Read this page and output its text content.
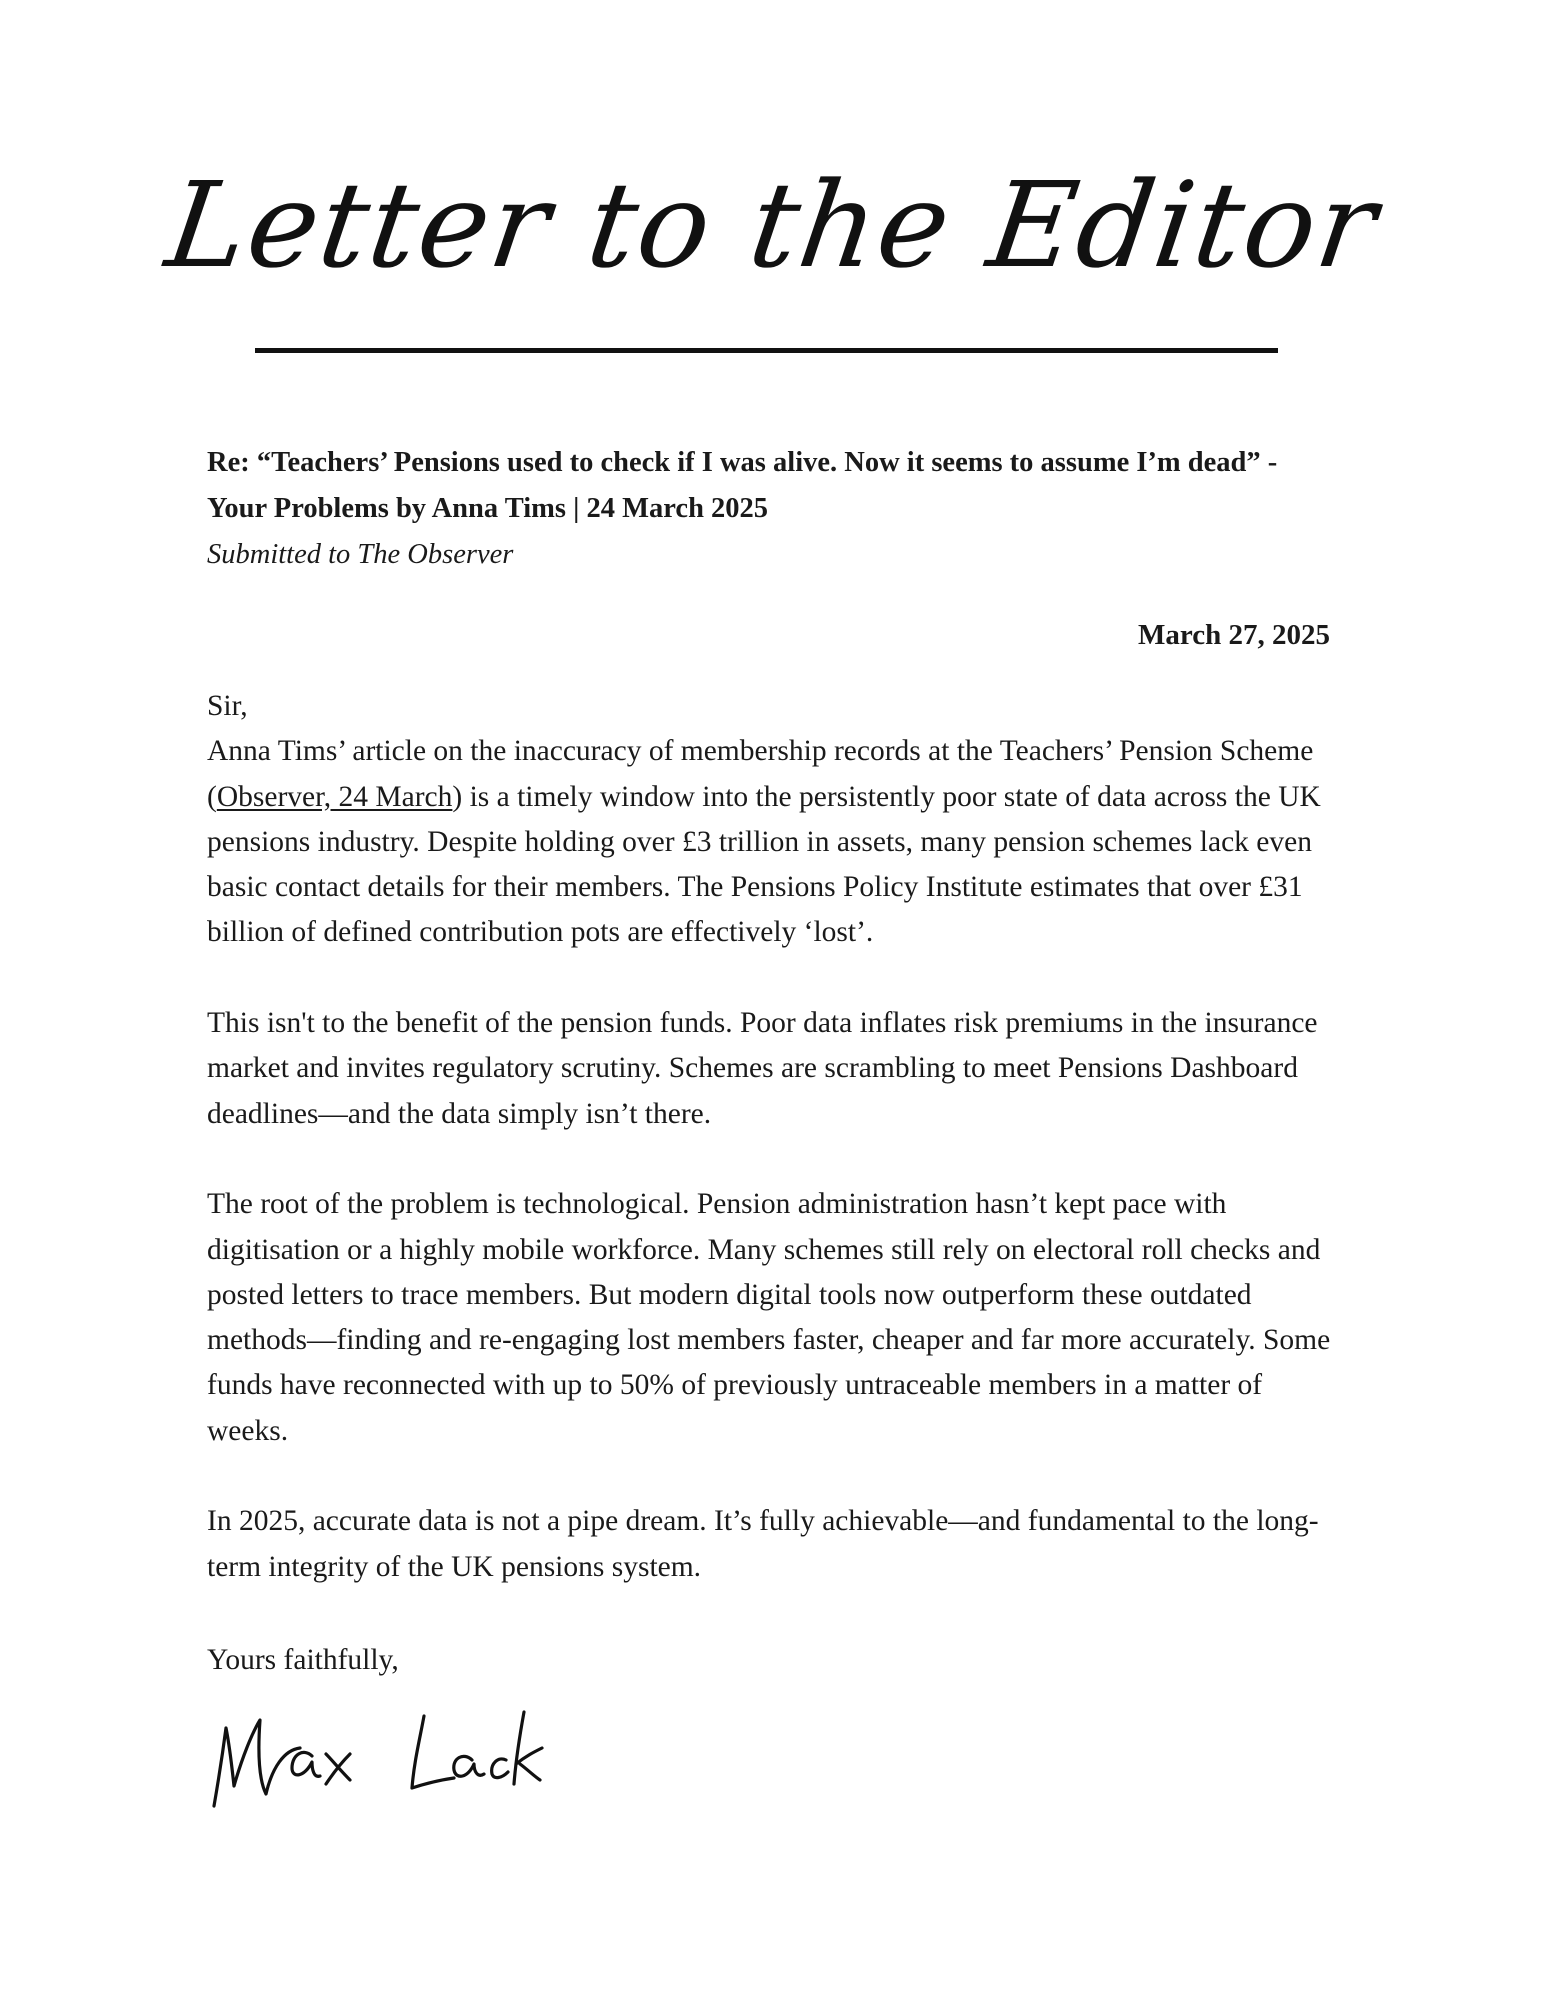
Letter to the Editor
Re: “Teachers’ Pensions used to check if I was alive. Now it seems to assume I’m dead” - Your Problems by Anna Tims | 24 March 2025
Submitted to The Observer
March 27, 2025

Sir,

Anna Tims’ article on the inaccuracy of membership records at the Teachers’ Pension Scheme (Observer, 24 March) is a timely window into the persistently poor state of data across the UK pensions industry. Despite holding over £3 trillion in assets, many pension schemes lack even basic contact details for their members. The Pensions Policy Institute estimates that over £31 billion of defined contribution pots are effectively ‘lost’.

This isn't to the benefit of the pension funds. Poor data inflates risk premiums in the insurance market and invites regulatory scrutiny. Schemes are scrambling to meet Pensions Dashboard deadlines—and the data simply isn’t there.

The root of the problem is technological. Pension administration hasn’t kept pace with digitisation or a highly mobile workforce. Many schemes still rely on electoral roll checks and posted letters to trace members. But modern digital tools now outperform these outdated methods—finding and re-engaging lost members faster, cheaper and far more accurately. Some funds have reconnected with up to 50% of previously untraceable members in a matter of weeks.

In 2025, accurate data is not a pipe dream. It’s fully achievable—and fundamental to the long-term integrity of the UK pensions system.

Yours faithfully,
